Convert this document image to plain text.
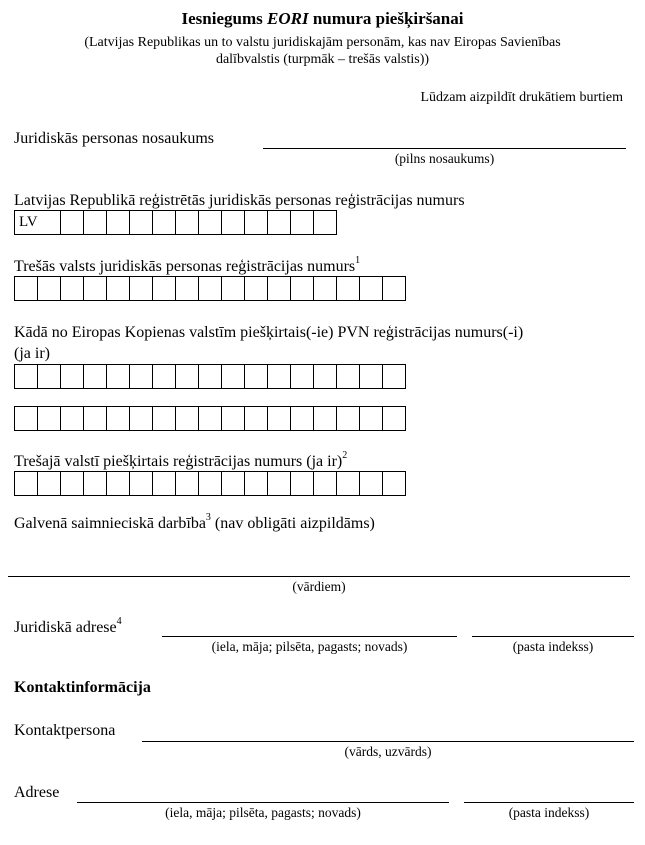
Iesniegums EORI numura piešķiršanai
(Latvijas Republikas un to valstu juridiskajām personām, kas nav Eiropas Savienības
dalībvalstis (turpmāk – trešās valstis))
Lūdzam aizpildīt drukātiem burtiem
Juridiskās personas nosaukums
(pilns nosaukums)
Latvijas Republikā reģistrētās juridiskās personas reģistrācijas numurs
LV
Trešās valsts juridiskās personas reģistrācijas numurs$^1$
Kādā no Eiropas Kopienas valstīm piešķirtais(-ie) PVN reģistrācijas numurs(-i)
(ja ir)
Trešajā valstī piešķirtais reģistrācijas numurs (ja ir)$^2$
Galvenā saimnieciskā darbība$^3$ (nav obligāti aizpildāms)
(vārdiem)
Juridiskā adrese$^4$
(iela, māja; pilsēta, pagasts; novads)	(pasta indekss)
Kontaktinformācija
Kontaktpersona
(vārds, uzvārds)
Adrese
(iela, māja; pilsēta, pagasts; novads)	(pasta indekss)
